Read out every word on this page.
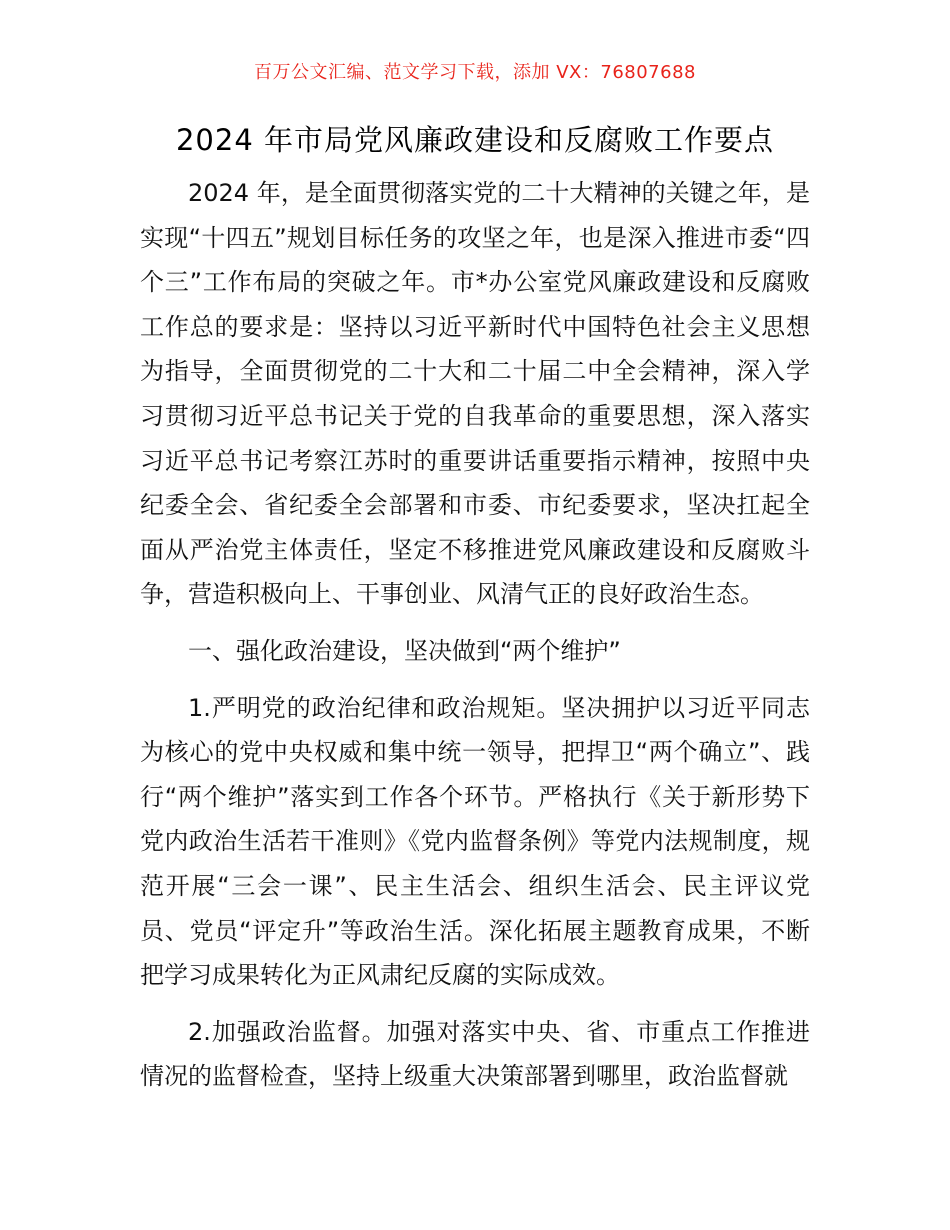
百万公文汇编、范文学习下载，添加 VX：76807688
2024 年市局党风廉政建设和反腐败工作要点

2024 年，是全面贯彻落实党的二十大精神的关键之年，是实现“十四五”规划目标任务的攻坚之年，也是深入推进市委“四个三”工作布局的突破之年。市*办公室党风廉政建设和反腐败工作总的要求是：坚持以习近平新时代中国特色社会主义思想为指导，全面贯彻党的二十大和二十届二中全会精神，深入学习贯彻习近平总书记关于党的自我革命的重要思想，深入落实习近平总书记考察江苏时的重要讲话重要指示精神，按照中央纪委全会、省纪委全会部署和市委、市纪委要求，坚决扛起全面从严治党主体责任，坚定不移推进党风廉政建设和反腐败斗争，营造积极向上、干事创业、风清气正的良好政治生态。

一、强化政治建设，坚决做到“两个维护”

1.严明党的政治纪律和政治规矩。坚决拥护以习近平同志为核心的党中央权威和集中统一领导，把捍卫“两个确立”、践行“两个维护”落实到工作各个环节。严格执行《关于新形势下党内政治生活若干准则》《党内监督条例》等党内法规制度，规范开展“三会一课”、民主生活会、组织生活会、民主评议党员、党员“评定升”等政治生活。深化拓展主题教育成果，不断把学习成果转化为正风肃纪反腐的实际成效。

2.加强政治监督。加强对落实中央、省、市重点工作推进情况的监督检查，坚持上级重大决策部署到哪里，政治监督就
